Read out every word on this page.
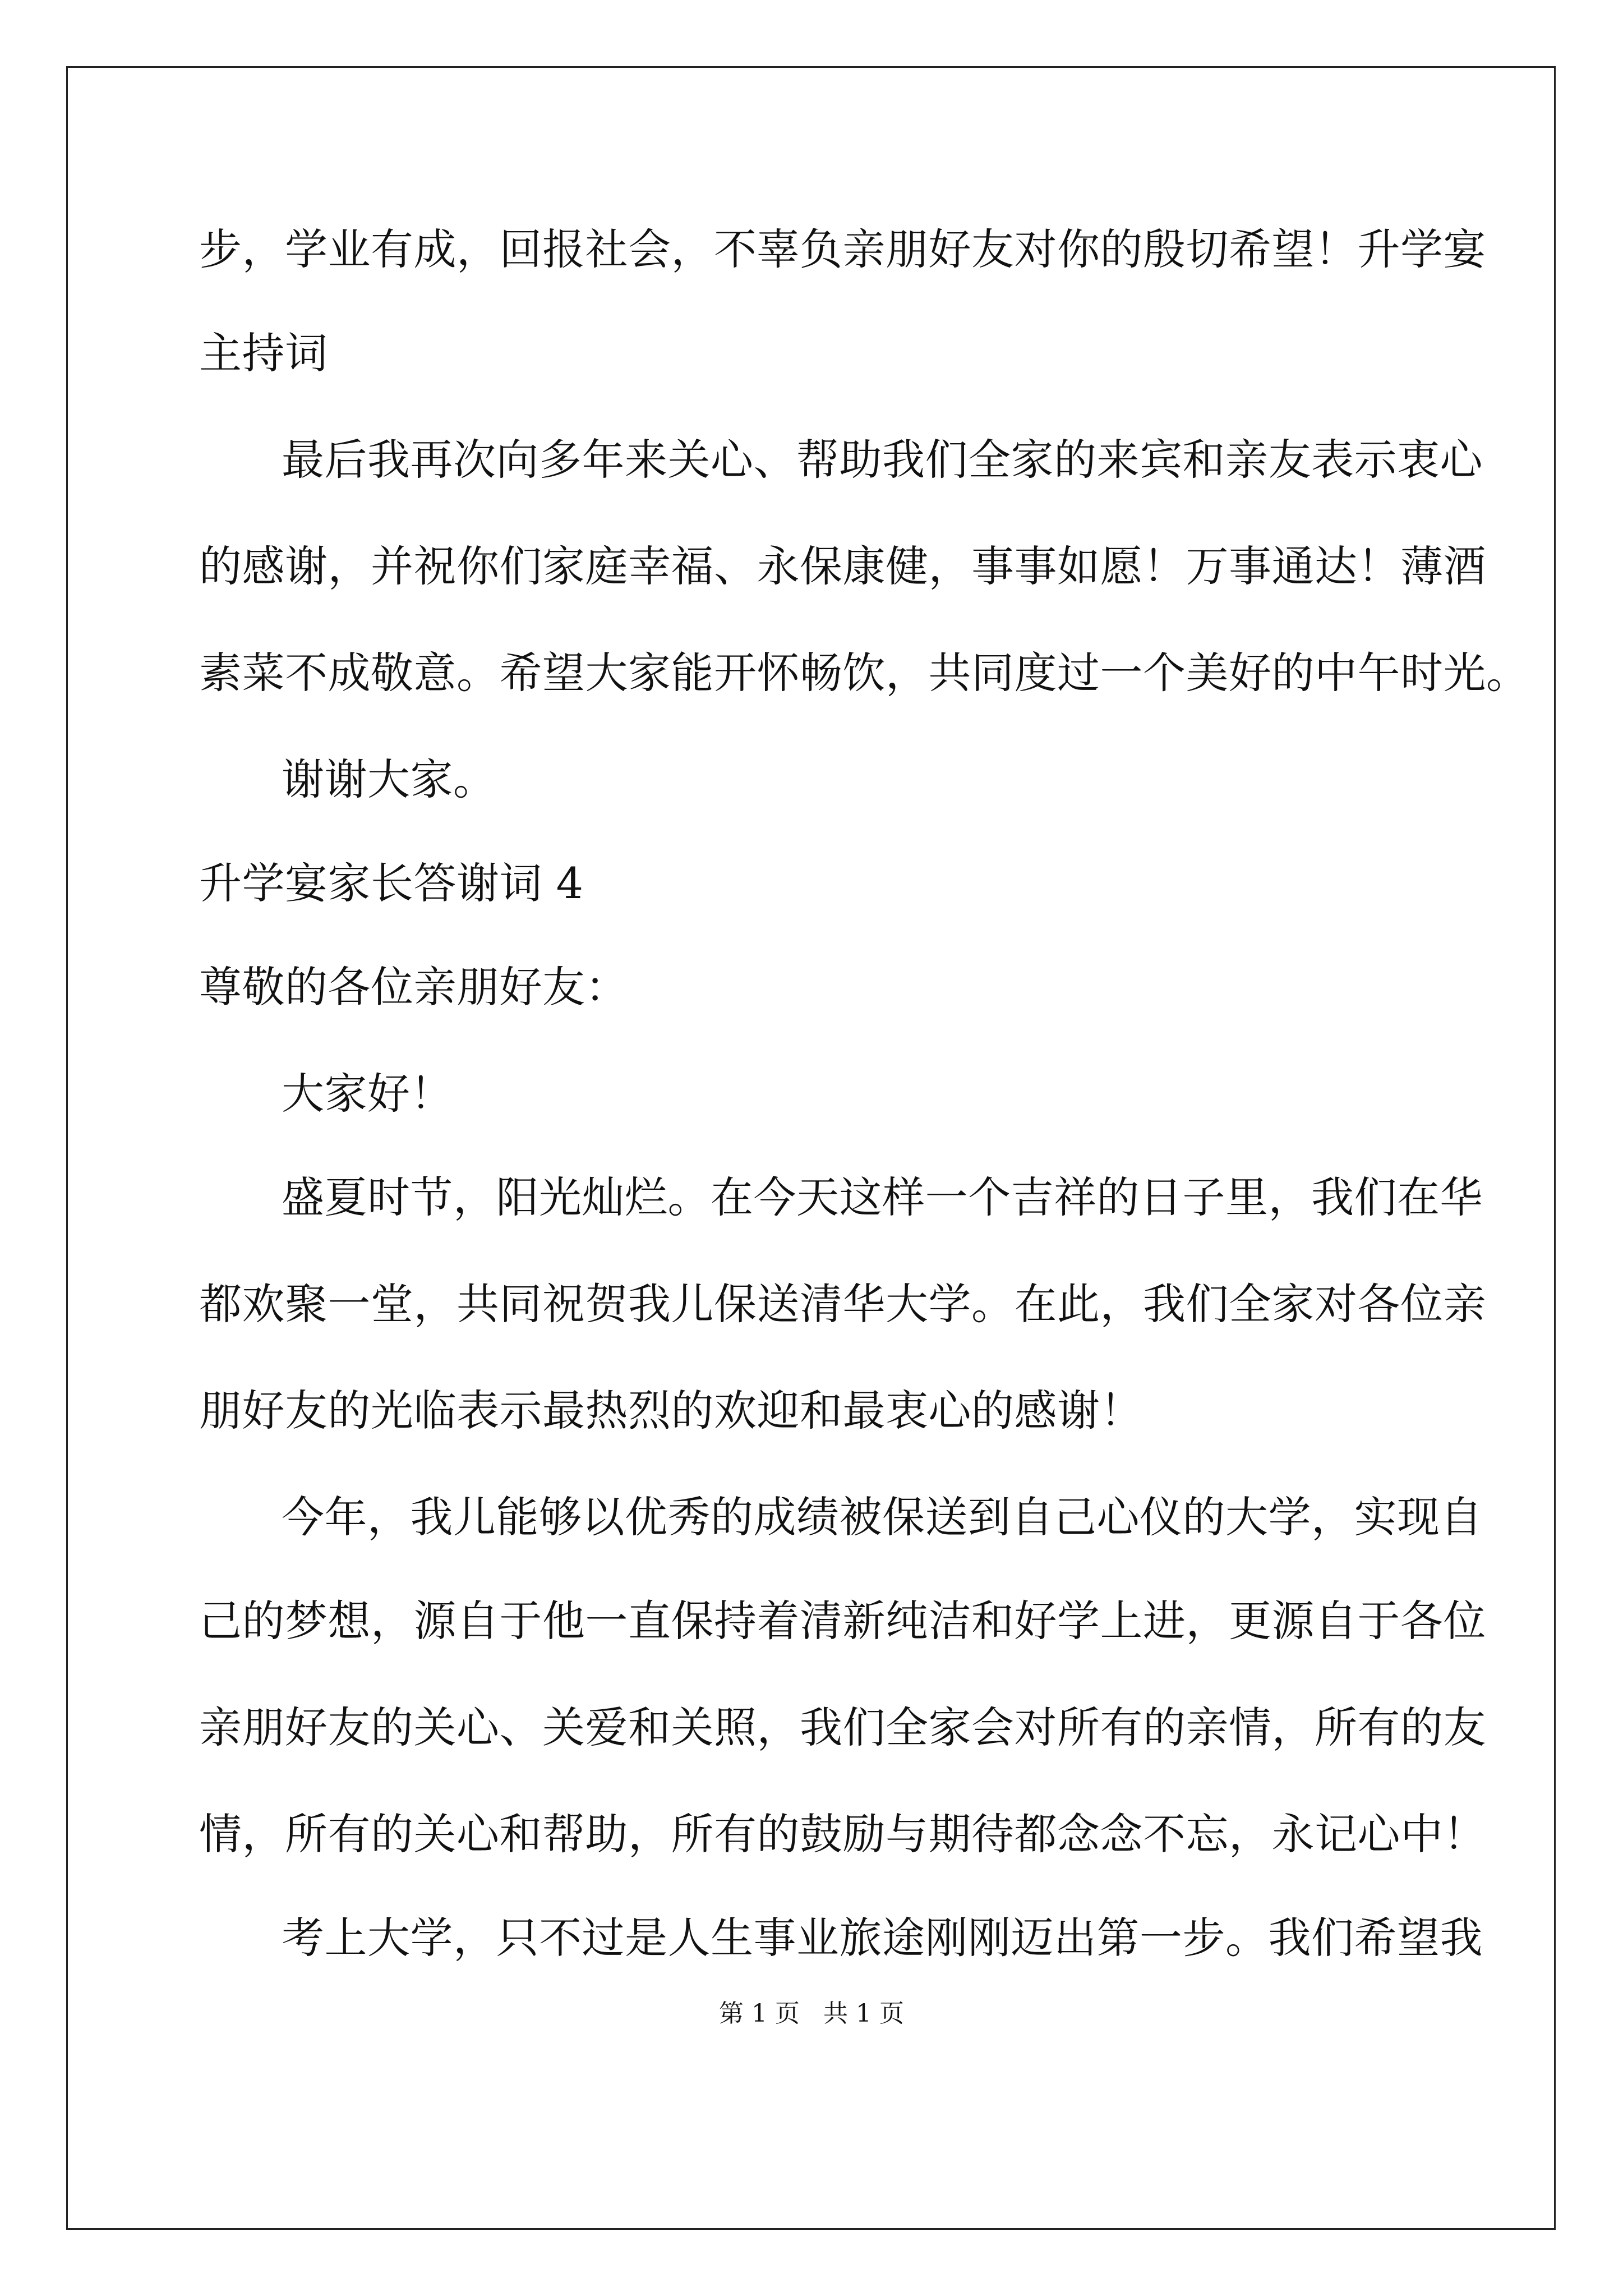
步，学业有成，回报社会，不辜负亲朋好友对你的殷切希望！升学宴

主持词

最后我再次向多年来关心、帮助我们全家的来宾和亲友表示衷心

的感谢，并祝你们家庭幸福、永保康健，事事如愿！万事通达！薄酒

素菜不成敬意。希望大家能开怀畅饮，共同度过一个美好的中午时光。

谢谢大家。

升学宴家长答谢词 4

尊敬的各位亲朋好友：

大家好！

盛夏时节，阳光灿烂。在今天这样一个吉祥的日子里，我们在华

都欢聚一堂，共同祝贺我儿保送清华大学。在此，我们全家对各位亲

朋好友的光临表示最热烈的欢迎和最衷心的感谢！

今年，我儿能够以优秀的成绩被保送到自己心仪的大学，实现自

己的梦想，源自于他一直保持着清新纯洁和好学上进，更源自于各位

亲朋好友的关心、关爱和关照，我们全家会对所有的亲情，所有的友

情，所有的关心和帮助，所有的鼓励与期待都念念不忘，永记心中！

考上大学，只不过是人生事业旅途刚刚迈出第一步。我们希望我

第 1 页   共 1 页
